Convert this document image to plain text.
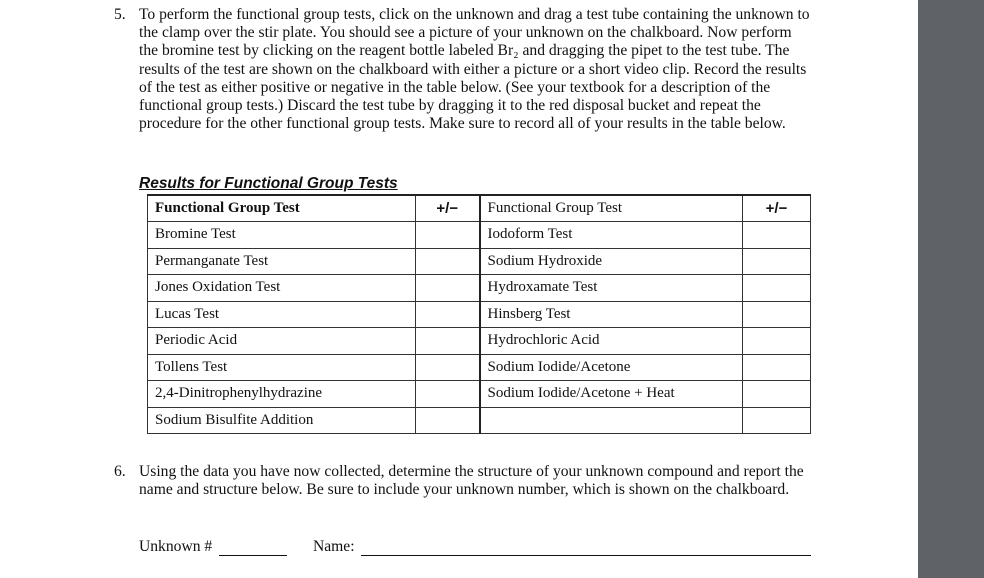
5. To perform the functional group tests, click on the unknown and drag a test tube containing the unknown to the clamp over the stir plate. You should see a picture of your unknown on the chalkboard. Now perform the bromine test by clicking on the reagent bottle labeled Br₂ and dragging the pipet to the test tube. The results of the test are shown on the chalkboard with either a picture or a short video clip. Record the results of the test as either positive or negative in the table below. (See your textbook for a description of the functional group tests.) Discard the test tube by dragging it to the red disposal bucket and repeat the procedure for the other functional group tests. Make sure to record all of your results in the table below.
Results for Functional Group Tests
Functional Group Test	+/−	Functional Group Test	+/−
Bromine Test		Iodoform Test	
Permanganate Test		Sodium Hydroxide	
Jones Oxidation Test		Hydroxamate Test	
Lucas Test		Hinsberg Test	
Periodic Acid		Hydrochloric Acid	
Tollens Test		Sodium Iodide/Acetone	
2,4-Dinitrophenylhydrazine		Sodium Iodide/Acetone + Heat	
Sodium Bisulfite Addition			
6. Using the data you have now collected, determine the structure of your unknown compound and report the name and structure below. Be sure to include your unknown number, which is shown on the chalkboard.
Unknown #	Name:
